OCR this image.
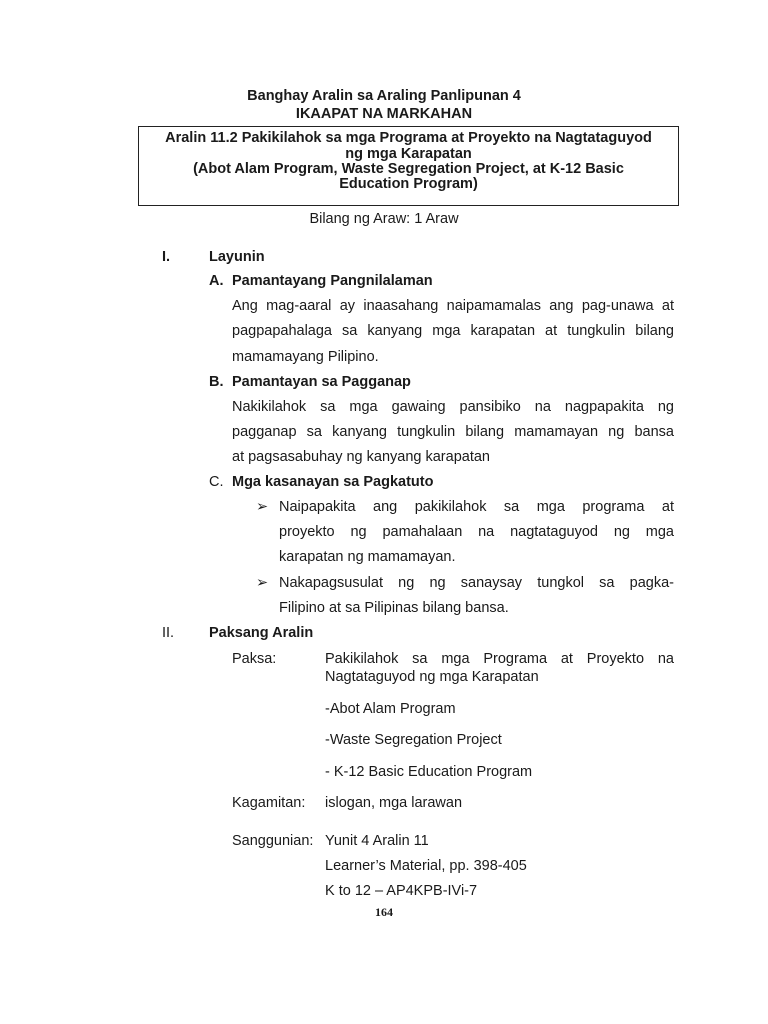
Banghay Aralin sa Araling Panlipunan 4
IKAAPAT NA MARKAHAN
Aralin 11.2 Pakikilahok sa mga Programa at Proyekto na Nagtataguyod
ng mga Karapatan
(Abot Alam Program, Waste Segregation Project, at K-12 Basic
Education Program)
Bilang ng Araw: 1 Araw
I.	Layunin
A. Pamantayang Pangnilalaman
Ang mag-aaral ay inaasahang naipamamalas ang pag-unawa at
pagpapahalaga sa kanyang mga karapatan at tungkulin bilang
mamamayang Pilipino.
B. Pamantayan sa Pagganap
Nakikilahok sa mga gawaing pansibiko na nagpapakita ng
pagganap sa kanyang tungkulin bilang mamamayan ng bansa
at pagsasabuhay ng kanyang karapatan
C. Mga kasanayan sa Pagkatuto
➢ Naipapakita ang pakikilahok sa mga programa at
proyekto ng pamahalaan na nagtataguyod ng mga
karapatan ng mamamayan.
➢ Nakapagsusulat ng ng sanaysay tungkol sa pagka-
Filipino at sa Pilipinas bilang bansa.
II. Paksang Aralin
Paksa:	Pakikilahok sa mga Programa at Proyekto na
Nagtataguyod ng mga Karapatan
-Abot Alam Program
-Waste Segregation Project
- K-12 Basic Education Program
Kagamitan: islogan, mga larawan
Sanggunian: Yunit 4 Aralin 11
Learner’s Material, pp. 398-405
K to 12 – AP4KPB-IVi-7
164
